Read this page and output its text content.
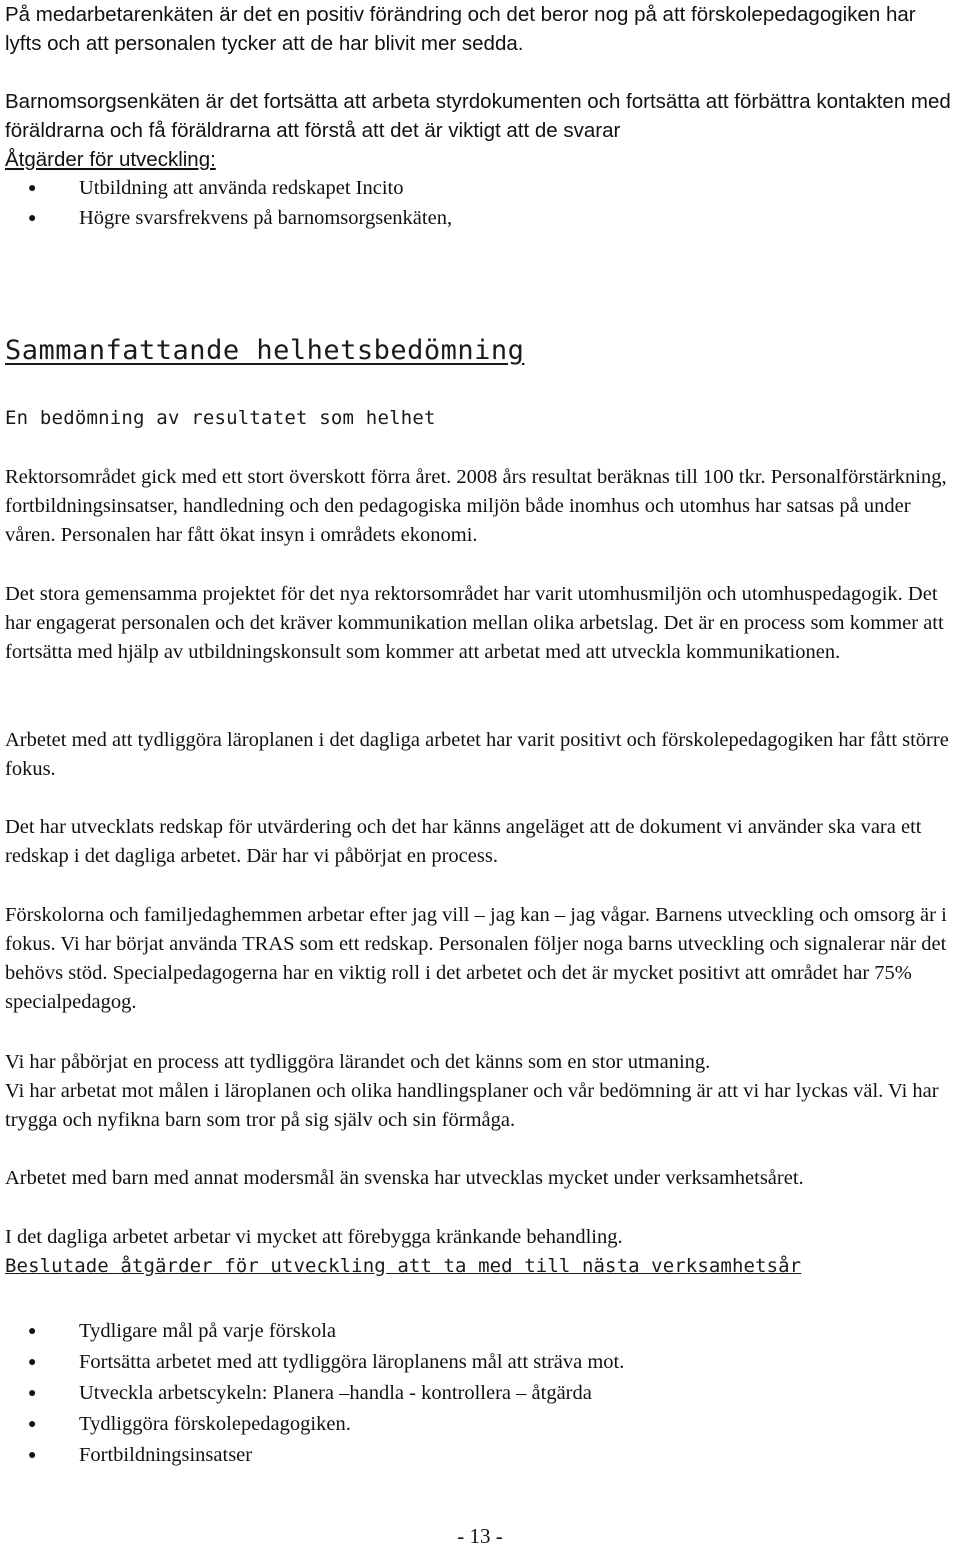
På medarbetarenkäten är det en positiv förändring och det beror nog på att förskolepedagogiken har lyfts och att personalen tycker att de har blivit mer sedda.

Barnomsorgsenkäten är det fortsätta att arbeta styrdokumenten och fortsätta att förbättra kontakten med föräldrarna och få föräldrarna att förstå att det är viktigt att de svarar

Åtgärder för utveckling:

● Utbildning att använda redskapet Incito
● Högre svarsfrekvens på barnomsorgsenkäten,

Sammanfattande helhetsbedömning

En bedömning av resultatet som helhet

Rektorsområdet gick med ett stort överskott förra året. 2008 års resultat beräknas till 100 tkr. Personalförstärkning, fortbildningsinsatser, handledning och den pedagogiska miljön både inomhus och utomhus har satsas på under våren. Personalen har fått ökat insyn i områdets ekonomi.

Det stora gemensamma projektet för det nya rektorsområdet har varit utomhusmiljön och utomhuspedagogik. Det har engagerat personalen och det kräver kommunikation mellan olika arbetslag. Det är en process som kommer att fortsätta med hjälp av utbildningskonsult som kommer att arbetat med att utveckla kommunikationen.

Arbetet med att tydliggöra läroplanen i det dagliga arbetet har varit positivt och förskolepedagogiken har fått större fokus.

Det har utvecklats redskap för utvärdering och det har känns angeläget att de dokument vi använder ska vara ett redskap i det dagliga arbetet. Där har vi påbörjat en process.

Förskolorna och familjedaghemmen arbetar efter jag vill – jag kan – jag vågar. Barnens utveckling och omsorg är i fokus. Vi har börjat använda TRAS som ett redskap. Personalen följer noga barns utveckling och signalerar när det behövs stöd. Specialpedagogerna har en viktig roll i det arbetet och det är mycket positivt att området har 75% specialpedagog.

Vi har påbörjat en process att tydliggöra lärandet och det känns som en stor utmaning.

Vi har arbetat mot målen i läroplanen och olika handlingsplaner och vår bedömning är att vi har lyckas väl. Vi har trygga och nyfikna barn som tror på sig själv och sin förmåga.

Arbetet med barn med annat modersmål än svenska har utvecklas mycket under verksamhetsåret.

I det dagliga arbetet arbetar vi mycket att förebygga kränkande behandling.

Beslutade åtgärder för utveckling att ta med till nästa verksamhetsår

● Tydligare mål på varje förskola
● Fortsätta arbetet med att tydliggöra läroplanens mål att sträva mot.
● Utveckla arbetscykeln: Planera –handla - kontrollera – åtgärda
● Tydliggöra förskolepedagogiken.
● Fortbildningsinsatser
- 13 -
